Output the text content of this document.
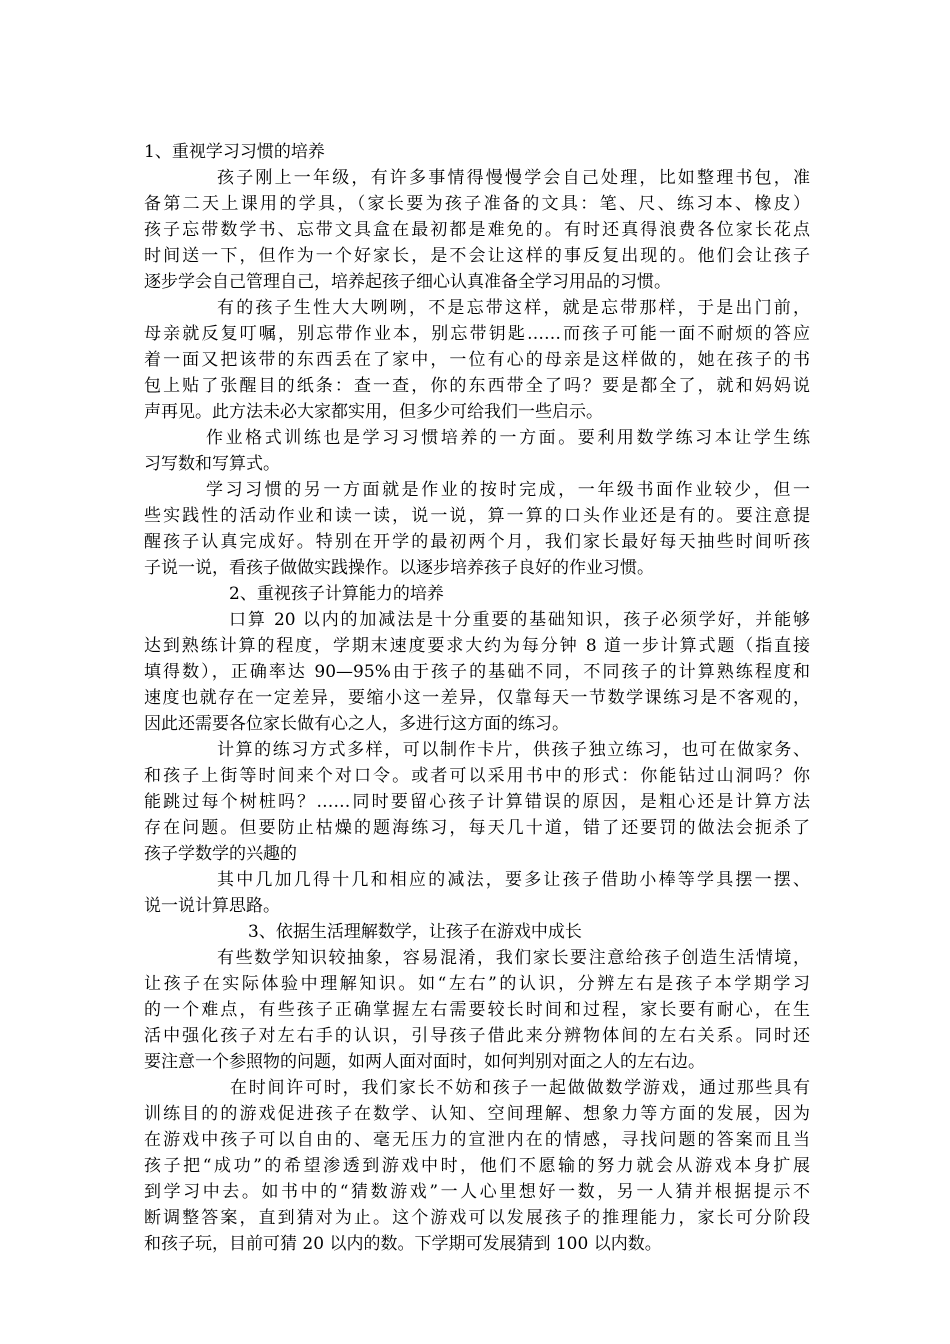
1、重视学习习惯的培养
孩子刚上一年级，有许多事情得慢慢学会自己处理，比如整理书包，准
备第二天上课用的学具，（家长要为孩子准备的文具：笔、尺、练习本、橡皮）
孩子忘带数学书、忘带文具盒在最初都是难免的。有时还真得浪费各位家长花点
时间送一下，但作为一个好家长，是不会让这样的事反复出现的。他们会让孩子
逐步学会自己管理自己，培养起孩子细心认真准备全学习用品的习惯。
有的孩子生性大大咧咧，不是忘带这样，就是忘带那样，于是出门前，
母亲就反复叮嘱，别忘带作业本，别忘带钥匙……而孩子可能一面不耐烦的答应
着一面又把该带的东西丢在了家中，一位有心的母亲是这样做的，她在孩子的书
包上贴了张醒目的纸条：查一查，你的东西带全了吗？要是都全了，就和妈妈说
声再见。此方法未必大家都实用，但多少可给我们一些启示。
作业格式训练也是学习习惯培养的一方面。要利用数学练习本让学生练
习写数和写算式。
学习习惯的另一方面就是作业的按时完成，一年级书面作业较少，但一
些实践性的活动作业和读一读，说一说，算一算的口头作业还是有的。要注意提
醒孩子认真完成好。特别在开学的最初两个月，我们家长最好每天抽些时间听孩
子说一说，看孩子做做实践操作。以逐步培养孩子良好的作业习惯。
2、重视孩子计算能力的培养
口算 20 以内的加减法是十分重要的基础知识，孩子必须学好，并能够
达到熟练计算的程度，学期末速度要求大约为每分钟 8 道一步计算式题（指直接
填得数），正确率达 90—95%由于孩子的基础不同，不同孩子的计算熟练程度和
速度也就存在一定差异，要缩小这一差异，仅靠每天一节数学课练习是不客观的，
因此还需要各位家长做有心之人，多进行这方面的练习。
计算的练习方式多样，可以制作卡片，供孩子独立练习，也可在做家务、
和孩子上街等时间来个对口令。或者可以采用书中的形式：你能钻过山洞吗？你
能跳过每个树桩吗？……同时要留心孩子计算错误的原因，是粗心还是计算方法
存在问题。但要防止枯燥的题海练习，每天几十道，错了还要罚的做法会扼杀了
孩子学数学的兴趣的
其中几加几得十几和相应的减法，要多让孩子借助小棒等学具摆一摆、
说一说计算思路。
3、依据生活理解数学，让孩子在游戏中成长
有些数学知识较抽象，容易混淆，我们家长要注意给孩子创造生活情境，
让孩子在实际体验中理解知识。如“左右”的认识，分辨左右是孩子本学期学习
的一个难点，有些孩子正确掌握左右需要较长时间和过程，家长要有耐心，在生
活中强化孩子对左右手的认识，引导孩子借此来分辨物体间的左右关系。同时还
要注意一个参照物的问题，如两人面对面时，如何判别对面之人的左右边。
在时间许可时，我们家长不妨和孩子一起做做数学游戏，通过那些具有
训练目的的游戏促进孩子在数学、认知、空间理解、想象力等方面的发展，因为
在游戏中孩子可以自由的、毫无压力的宣泄内在的情感，寻找问题的答案而且当
孩子把“成功”的希望渗透到游戏中时，他们不愿输的努力就会从游戏本身扩展
到学习中去。如书中的“猜数游戏”一人心里想好一数，另一人猜并根据提示不
断调整答案，直到猜对为止。这个游戏可以发展孩子的推理能力，家长可分阶段
和孩子玩，目前可猜 20 以内的数。下学期可发展猜到 100 以内数。
